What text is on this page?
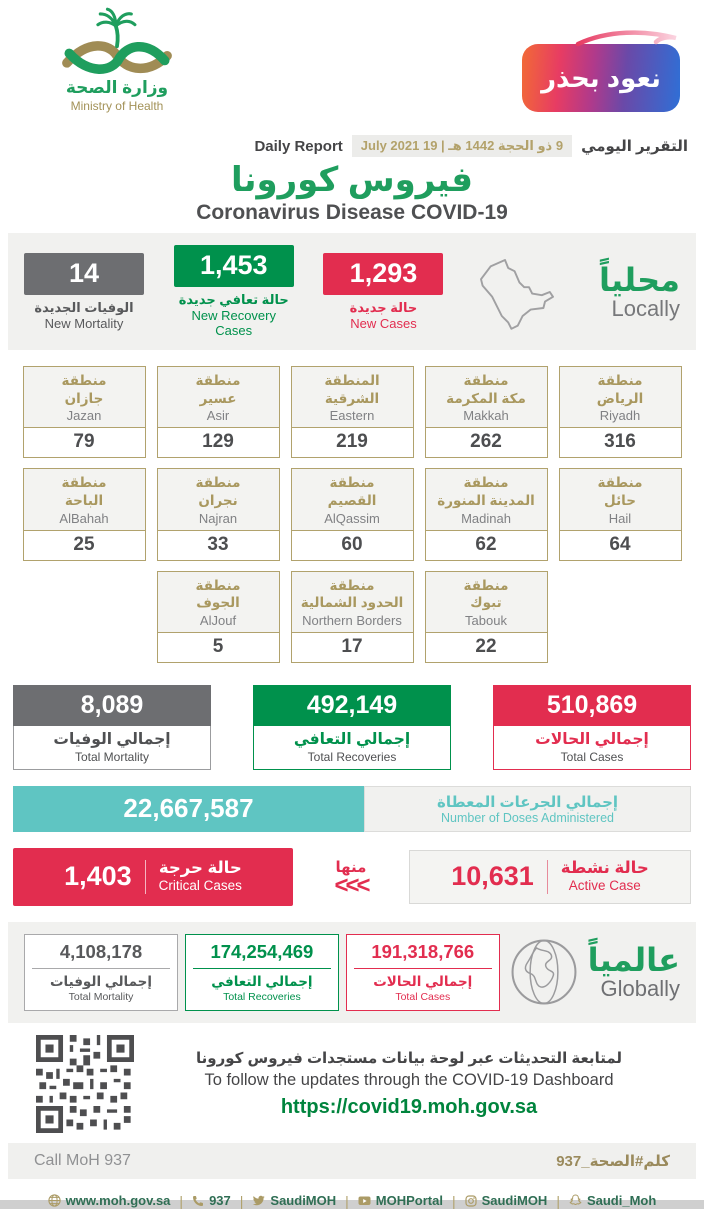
وزارة الصحة
Ministry of Health
نعود بحذر
Daily Report	9 ذو الحجة 1442 هـ | 19 July 2021	التقرير اليومي
فيروس كورونا
Coronavirus Disease COVID-19
14
الوفيات الجديدة
New Mortality
1,453
حالة تعافي جديدة
New Recovery Cases
1,293
حالة جديدة
New Cases
محلياً
Locally
منطقة
جازان
Jazan
79
منطقة
عسير
Asir
129
المنطقة
الشرقية
Eastern
219
منطقة
مكة المكرمة
Makkah
262
منطقة
الرياض
Riyadh
316
منطقة
الباحة
AlBahah
25
منطقة
نجران
Najran
33
منطقة
القصيم
AlQassim
60
منطقة
المدينة المنورة
Madinah
62
منطقة
حائل
Hail
64
منطقة
الجوف
AlJouf
5
منطقة
الحدود الشمالية
Northern Borders
17
منطقة
تبوك
Tabouk
22
8,089
إجمالي الوفيات
Total Mortality
492,149
إجمالي التعافي
Total Recoveries
510,869
إجمالي الحالات
Total Cases
22,667,587	إجمالي الجرعات المعطاة
Number of Doses Administered
1,403 حالة حرجة
Critical Cases
منها
<<<	10,631 حالة نشطة
Active Case
4,108,178
إجمالي الوفيات
Total Mortality
174,254,469
إجمالي التعافي
Total Recoveries
191,318,766
إجمالي الحالات
Total Cases
عالمياً
Globally
لمتابعة التحديثات عبر لوحة بيانات مستجدات فيروس كورونا
To follow the updates through the COVID-19 Dashboard
https://covid19.moh.gov.sa
Call MoH 937	كلم#الصحة_937
www.moh.gov.sa | 937 | SaudiMOH | MOHPortal | SaudiMOH | Saudi_Moh
